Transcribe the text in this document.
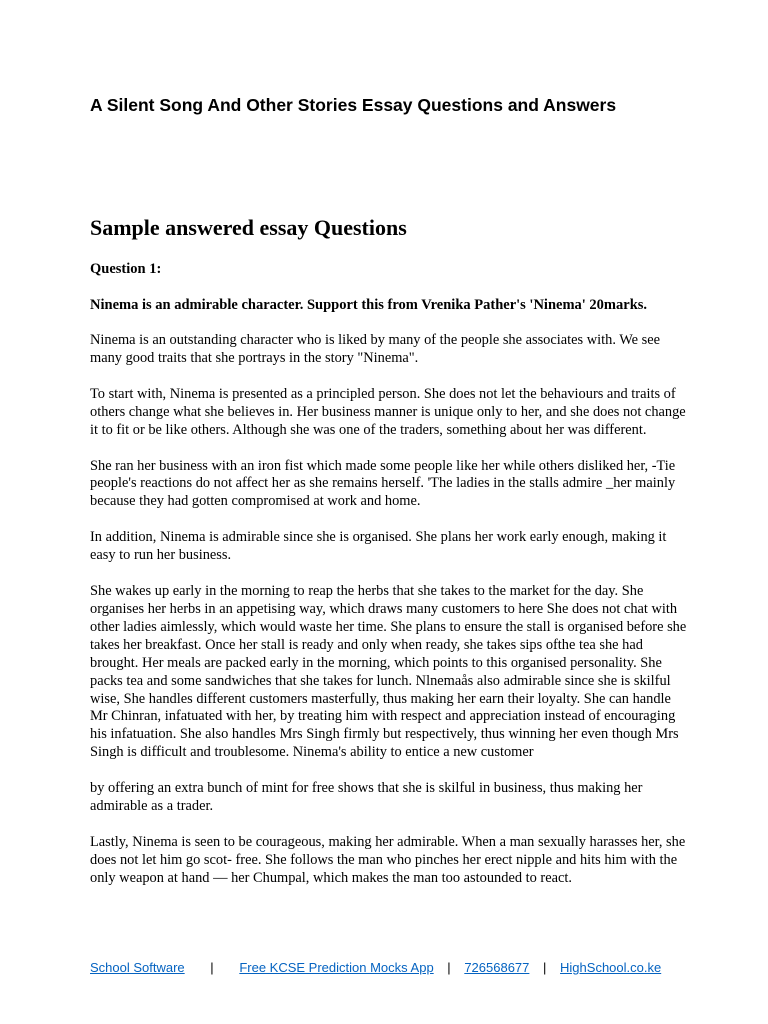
A Silent Song And Other Stories Essay Questions and Answers
Sample answered essay Questions
Question 1:
Ninema is an admirable character. Support this from Vrenika Pather's 'Ninema' 20marks.

Ninema is an outstanding character who is liked by many of the people she associates with. We see many good traits that she portrays in the story "Ninema".

To start with, Ninema is presented as a principled person. She does not let the behaviours and traits of others change what she believes in. Her business manner is unique only to her, and she does not change it to fit or be like others. Although she was one of the traders, something about her was different.

She ran her business with an iron fist which made some people like her while others disliked her, -Tie people's reactions do not affect her as she remains herself. 'The ladies in the stalls admire _her mainly because they had gotten compromised at work and home.

In addition, Ninema is admirable since she is organised. She plans her work early enough, making it easy to run her business.

She wakes up early in the morning to reap the herbs that she takes to the market for the day. She organises her herbs in an appetising way, which draws many customers to here She does not chat with other ladies aimlessly, which would waste her time. She plans to ensure the stall is organised before she takes her breakfast. Once her stall is ready and only when ready, she takes sips ofthe tea she had brought. Her meals are packed early in the morning, which points to this organised personality. She packs tea and some sandwiches that she takes for lunch. Nlnemaås also admirable since she is skilful wise, She handles different customers masterfully, thus making her earn their loyalty. She can handle Mr Chinran, infatuated with her, by treating him with respect and appreciation instead of encouraging his infatuation. She also handles Mrs Singh firmly but respectively, thus winning her even though Mrs Singh is difficult and troublesome. Ninema's ability to entice a new customer

by offering an extra bunch of mint for free shows that she is skilful in business, thus making her admirable as a trader.

Lastly, Ninema is seen to be courageous, making her admirable. When a man sexually harasses her, she does not let him go scot- free. She follows the man who pinches her erect nipple and hits him with the only weapon at hand — her Chumpal, which makes the man too astounded to react.

School Software | Free KCSE Prediction Mocks App | 726568677 | HighSchool.co.ke
